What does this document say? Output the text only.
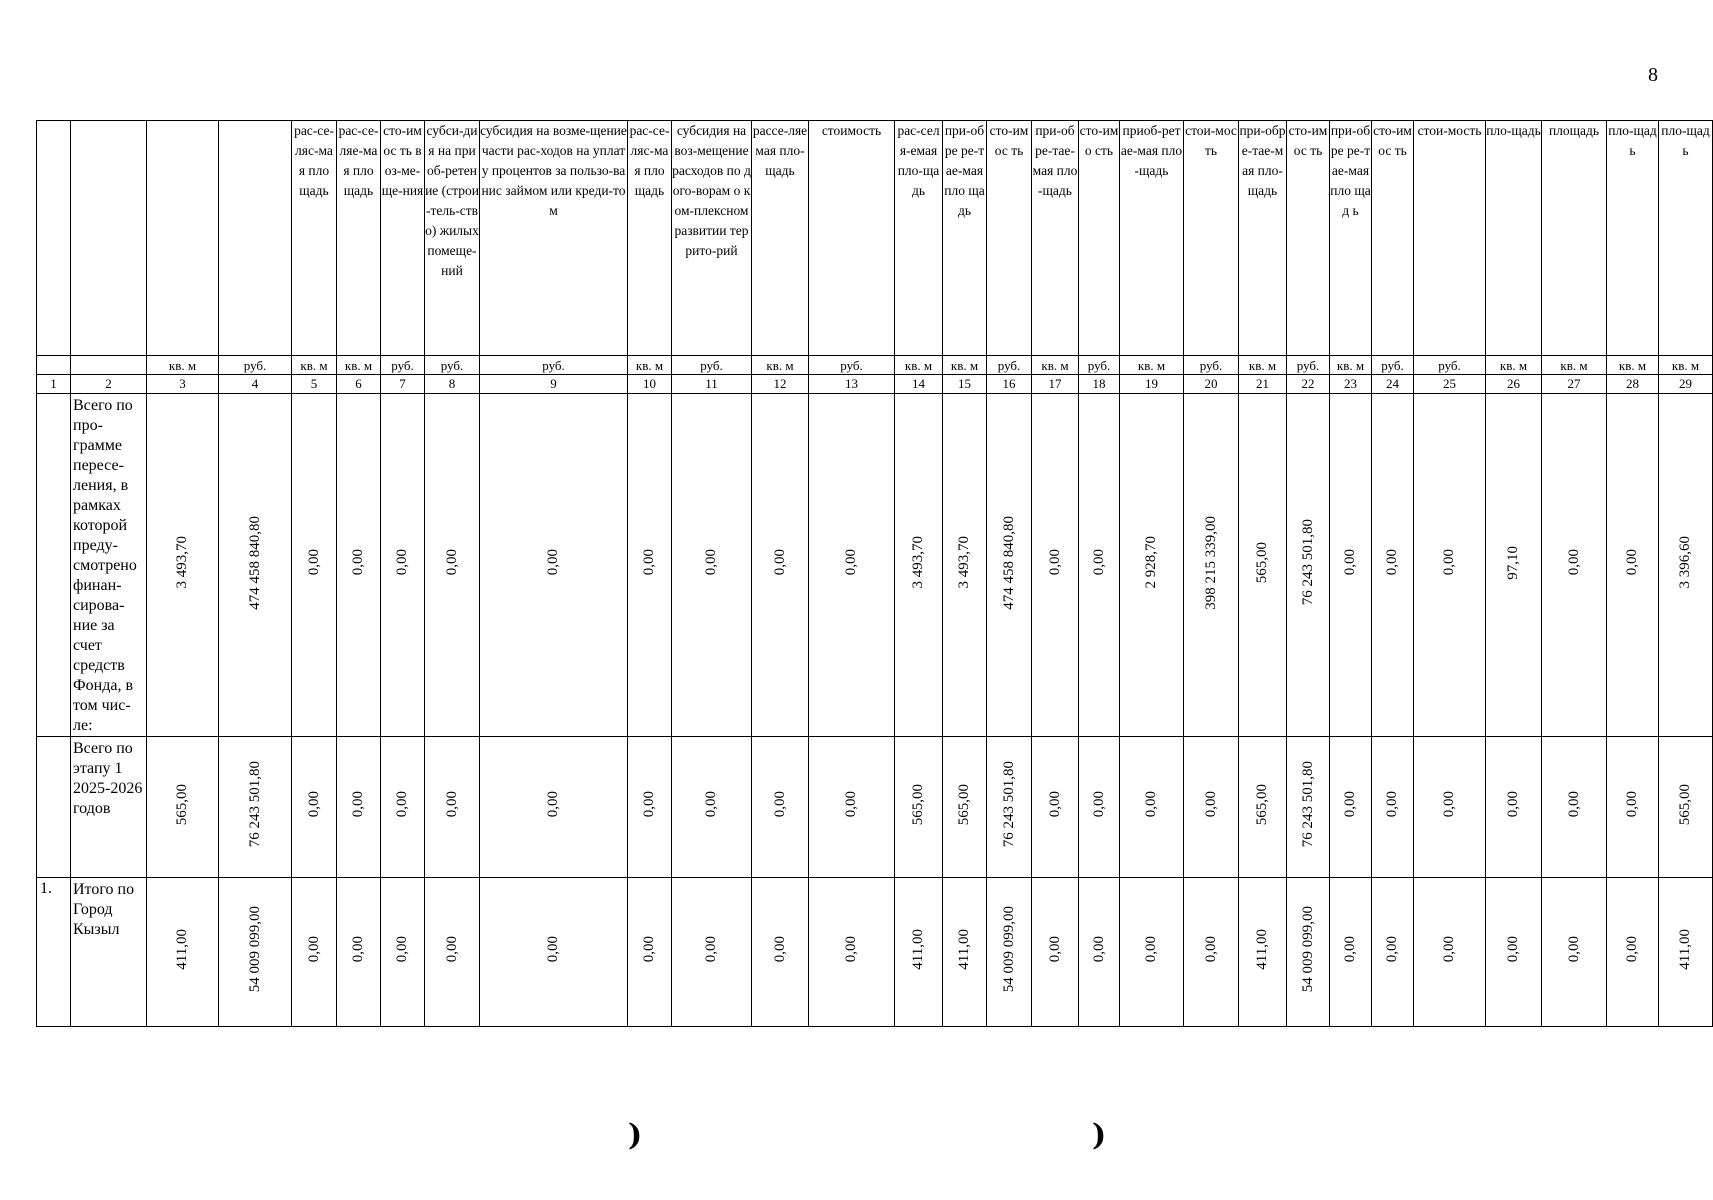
8
				рас-се-ляс-мая пло щадь	рас-се-ляе-мая пло щадь	сто-имос ть воз-ме-ще-ния	субси-дия на приоб-ретение (строи-тель-ство) жилых помеще-ний	субсидия на возме-щение части рас-ходов на уплату процентов за пользо-ванис займом или креди-том	рас-се-ляс-мая пло щадь	субсидия на воз-мещение расходов по дого-ворам о ком-плексном развитии террито-рий	рассе-ляемая пло-щадь	стоимость	рас-селя-емая пло-щадь	при-обре ре-тае-мая пло щадь	сто-имос ть	при-обре-тае-мая пло-щадь	сто-имо сть	приоб-ретае-мая пло-щадь	стои-мость	при-обре-тае-мая пло-щадь	сто-имос ть	при-обре ре-тае-мая пло щад ь	сто-имос ть	стои-мость	пло-щадь	площадь	пло-щадь	пло-щадь
		кв. м	руб.	кв. м	кв. м	руб.	руб.	руб.	кв. м	руб.	кв. м	руб.	кв. м	кв. м	руб.	кв. м	руб.	кв. м	руб.	кв. м	руб.	кв. м	руб.	руб.	кв. м	кв. м	кв. м	кв. м
1	2	3	4	5	6	7	8	9	10	11	12	13	14	15	16	17	18	19	20	21	22	23	24	25	26	27	28	29
	Всего по про-грамме пересе-ления, в рамках которой преду-смотрено финан-сирова-ние за счет средств Фонда, в том чис-ле:	3 493,70	474 458 840,80	0,00	0,00	0,00	0,00	0,00	0,00	0,00	0,00	0,00	3 493,70	3 493,70	474 458 840,80	0,00	0,00	2 928,70	398 215 339,00	565,00	76 243 501,80	0,00	0,00	0,00	97,10	0,00	0,00	3 396,60
	Всего по этапу 1 2025-2026 годов	565,00	76 243 501,80	0,00	0,00	0,00	0,00	0,00	0,00	0,00	0,00	0,00	565,00	565,00	76 243 501,80	0,00	0,00	0,00	0,00	565,00	76 243 501,80	0,00	0,00	0,00	0,00	0,00	0,00	565,00
1.	Итого по Город Кызыл	411,00	54 009 099,00	0,00	0,00	0,00	0,00	0,00	0,00	0,00	0,00	0,00	411,00	411,00	54 009 099,00	0,00	0,00	0,00	0,00	411,00	54 009 099,00	0,00	0,00	0,00	0,00	0,00	0,00	411,00
)	)
